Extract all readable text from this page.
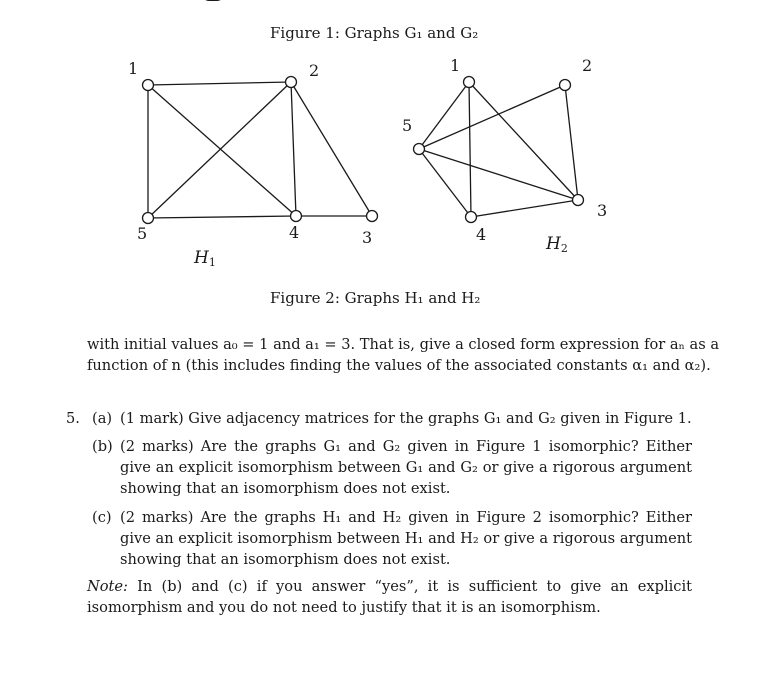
Figure 1: Graphs G₁ and G₂
1	2
3
4
5
1	2
3
4
5
$H_1$
$H_2$
Figure 2: Graphs H₁ and H₂
with initial values a₀ = 1 and a₁ = 3. That is, give a closed form expression for aₙ as a
function of n (this includes finding the values of the associated constants α₁ and α₂).
5. (a) (1 mark) Give adjacency matrices for the graphs G₁ and G₂ given in Figure 1.
(b) (2 marks) Are the graphs G₁ and G₂ given in Figure 1 isomorphic? Either give an explicit isomorphism between G₁ and G₂ or give a rigorous argument showing that an isomorphism does not exist.
(c) (2 marks) Are the graphs H₁ and H₂ given in Figure 2 isomorphic? Either give an explicit isomorphism between H₁ and H₂ or give a rigorous argument showing that an isomorphism does not exist.
Note: In (b) and (c) if you answer “yes”, it is sufficient to give an explicit isomorphism and you do not need to justify that it is an isomorphism.
